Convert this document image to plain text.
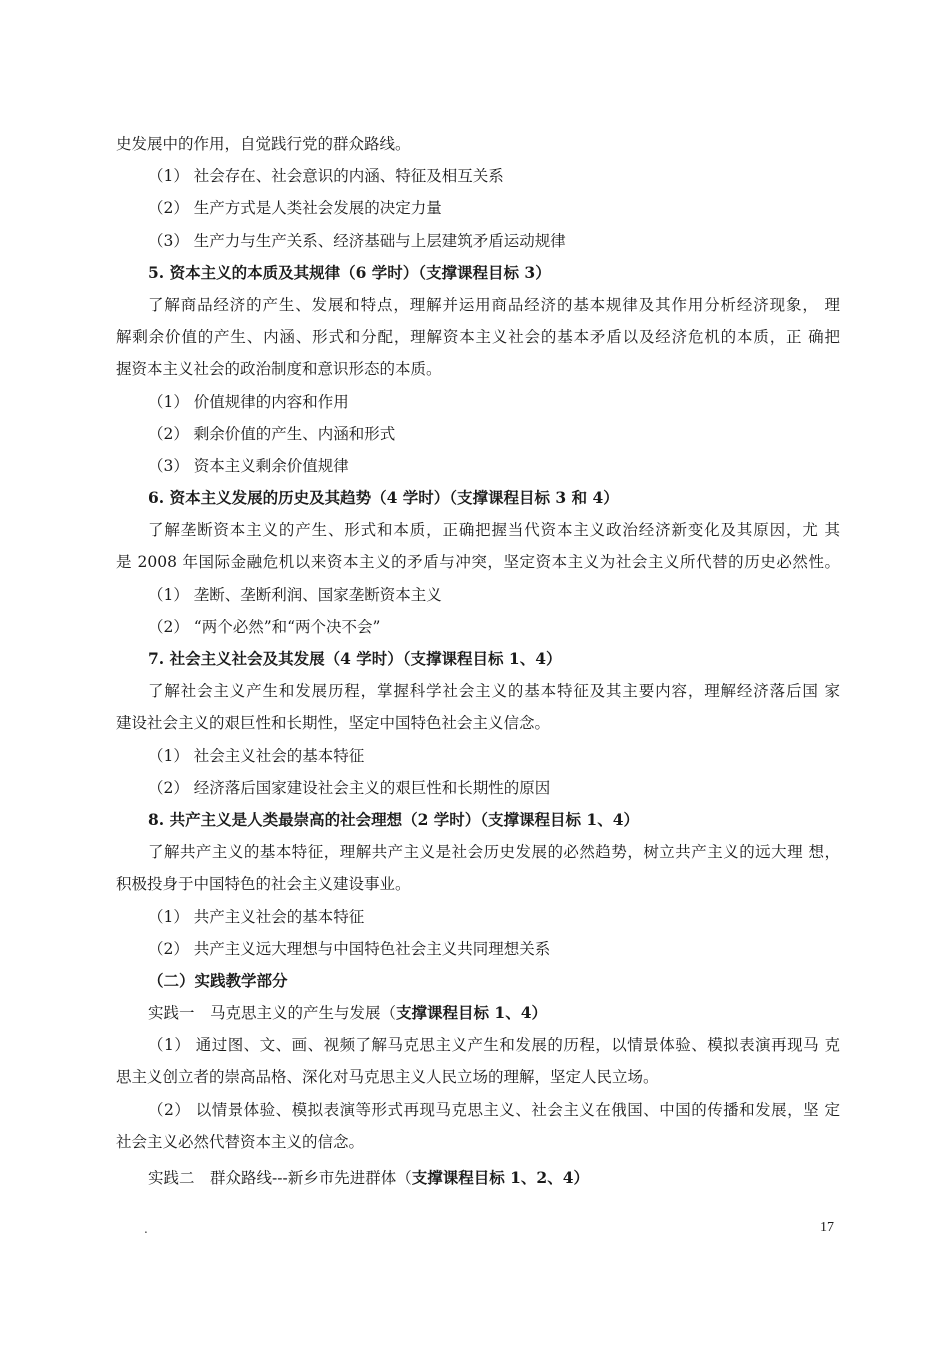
史发展中的作用，自觉践行党的群众路线。
（1） 社会存在、社会意识的内涵、特征及相互关系
（2） 生产方式是人类社会发展的决定力量
（3） 生产力与生产关系、经济基础与上层建筑矛盾运动规律
5. 资本主义的本质及其规律（6 学时）（支撑课程目标 3）
了解商品经济的产生、发展和特点，理解并运用商品经济的基本规律及其作用分析经济现象， 理
解剩余价值的产生、内涵、形式和分配，理解资本主义社会的基本矛盾以及经济危机的本质，正 确把
握资本主义社会的政治制度和意识形态的本质。
（1） 价值规律的内容和作用
（2） 剩余价值的产生、内涵和形式
（3） 资本主义剩余价值规律
6. 资本主义发展的历史及其趋势（4 学时）（支撑课程目标 3 和 4）
了解垄断资本主义的产生、形式和本质，正确把握当代资本主义政治经济新变化及其原因，尤 其
是 2008 年国际金融危机以来资本主义的矛盾与冲突，坚定资本主义为社会主义所代替的历史必然性。
（1） 垄断、垄断利润、国家垄断资本主义
（2） “两个必然”和“两个决不会”
7. 社会主义社会及其发展（4 学时）（支撑课程目标 1、4）
了解社会主义产生和发展历程，掌握科学社会主义的基本特征及其主要内容，理解经济落后国 家
建设社会主义的艰巨性和长期性，坚定中国特色社会主义信念。
（1） 社会主义社会的基本特征
（2） 经济落后国家建设社会主义的艰巨性和长期性的原因
8. 共产主义是人类最崇高的社会理想（2 学时）（支撑课程目标 1、4）
了解共产主义的基本特征，理解共产主义是社会历史发展的必然趋势，树立共产主义的远大理 想，
积极投身于中国特色的社会主义建设事业。
（1） 共产主义社会的基本特征
（2） 共产主义远大理想与中国特色社会主义共同理想关系
（二）实践教学部分
实践一　马克思主义的产生与发展（支撑课程目标 1、4）
（1） 通过图、文、画、视频了解马克思主义产生和发展的历程，以情景体验、模拟表演再现马 克
思主义创立者的崇高品格、深化对马克思主义人民立场的理解，坚定人民立场。
（2） 以情景体验、模拟表演等形式再现马克思主义、社会主义在俄国、中国的传播和发展，坚 定
社会主义必然代替资本主义的信念。
实践二　群众路线---新乡市先进群体（支撑课程目标 1、2、4）
.	17
